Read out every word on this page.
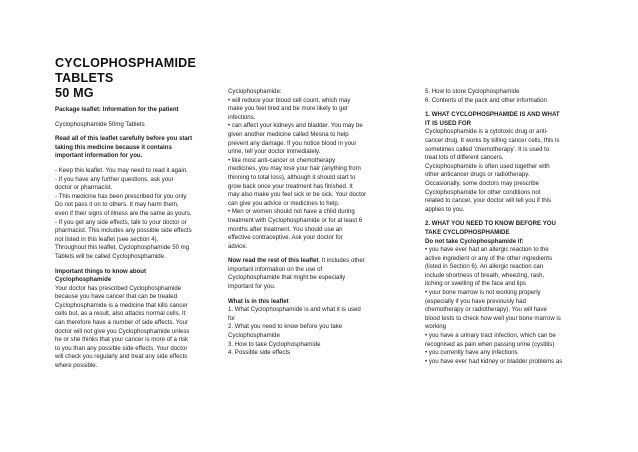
CYCLOPHOSPHAMIDE
TABLETS
50 MG
Package leaflet: Information for the patient
Cyclophosphamide 50mg Tablets
Read all of this leaflet carefully before you start
taking this medicine because it contains
important information for you.
- Keep this leaflet. You may need to read it again.
- If you have any further questions, ask your
doctor or pharmacist.
- This medicine has been prescribed for you only.
Do not pass it on to others. It may harm them,
even if their signs of illness are the same as yours.
- If you get any side effects, talk to your doctor or
pharmacist. This includes any possible side effects
not listed in this leaflet (see section 4).
Throughout this leaflet, Cyclophosphamide 50 mg
Tablets will be called Cyclophosphamide.
Important things to know about
Cyclophosphamide
Your doctor has prescribed Cyclophosphamide
because you have cancer that can be treated.
Cyclophosphamide is a medicine that kills cancer
cells but, as a result, also attacks normal cells. It
can therefore have a number of side effects. Your
doctor will not give you Cyclophosphamide unless
he or she thinks that your cancer is more of a risk
to you than any possible side effects. Your doctor
will check you regularly and treat any side effects
where possible.
Cyclophosphamide:
• will reduce your blood cell count, which may
make you feel tired and be more likely to get
infections.
• can affect your kidneys and bladder. You may be
given another medicine called Mesna to help
prevent any damage. If you notice blood in your
urine, tell your doctor immediately.
• like most anti-cancer or chemotherapy
medicines, you may lose your hair (anything from
thinning to total loss), although it should start to
grow back once your treatment has finished. It
may also make you feel sick or be sick. Your doctor
can give you advice or medicines to help.
• Men or women should not have a child during
treatment with Cyclophosphamide or for at least 6
months after treatment. You should use an
effective contraceptive. Ask your doctor for
advice.
Now read the rest of this leaflet. It includes other
important information on the use of
Cyclophosphamide that might be especially
important for you.
What is in this leaflet
1. What Cyclophosphamide is and what it is used
for
2. What you need to know before you take
Cyclophosphamide
3. How to take Cyclophosphamide
4. Possible side effects
5. How to store Cyclophosphamide
6. Contents of the pack and other information
1. WHAT CYCLOPHOSPHAMIDE IS AND WHAT
IT IS USED FOR
Cyclophosphamide is a cytotoxic drug or anti-
cancer drug. It works by killing cancer cells, this is
sometimes called 'chemotherapy'. It is used to
treat lots of different cancers.
Cyclophosphamide is often used together with
other anticancer drugs or radiotherapy.
Occasionally, some doctors may prescribe
Cyclophosphamide for other conditions not
related to cancer, your doctor will tell you if this
applies to you.
2. WHAT YOU NEED TO KNOW BEFORE YOU
TAKE CYCLOPHOSPHAMIDE
Do not take Cyclophosphamide if:
• you have ever had an allergic reaction to the
active ingredient or any of the other ingredients
(listed in Section 6). An allergic reaction can
include shortness of breath, wheezing, rash,
itching or swelling of the face and lips
• your bone marrow is not working properly
(especially if you have previously had
chemotherapy or radiotherapy). You will have
blood tests to check how well your bone marrow is
working
• you have a urinary tract infection, which can be
recognised as pain when passing urine (cystitis)
• you currently have any infections
• you have ever had kidney or bladder problems as
